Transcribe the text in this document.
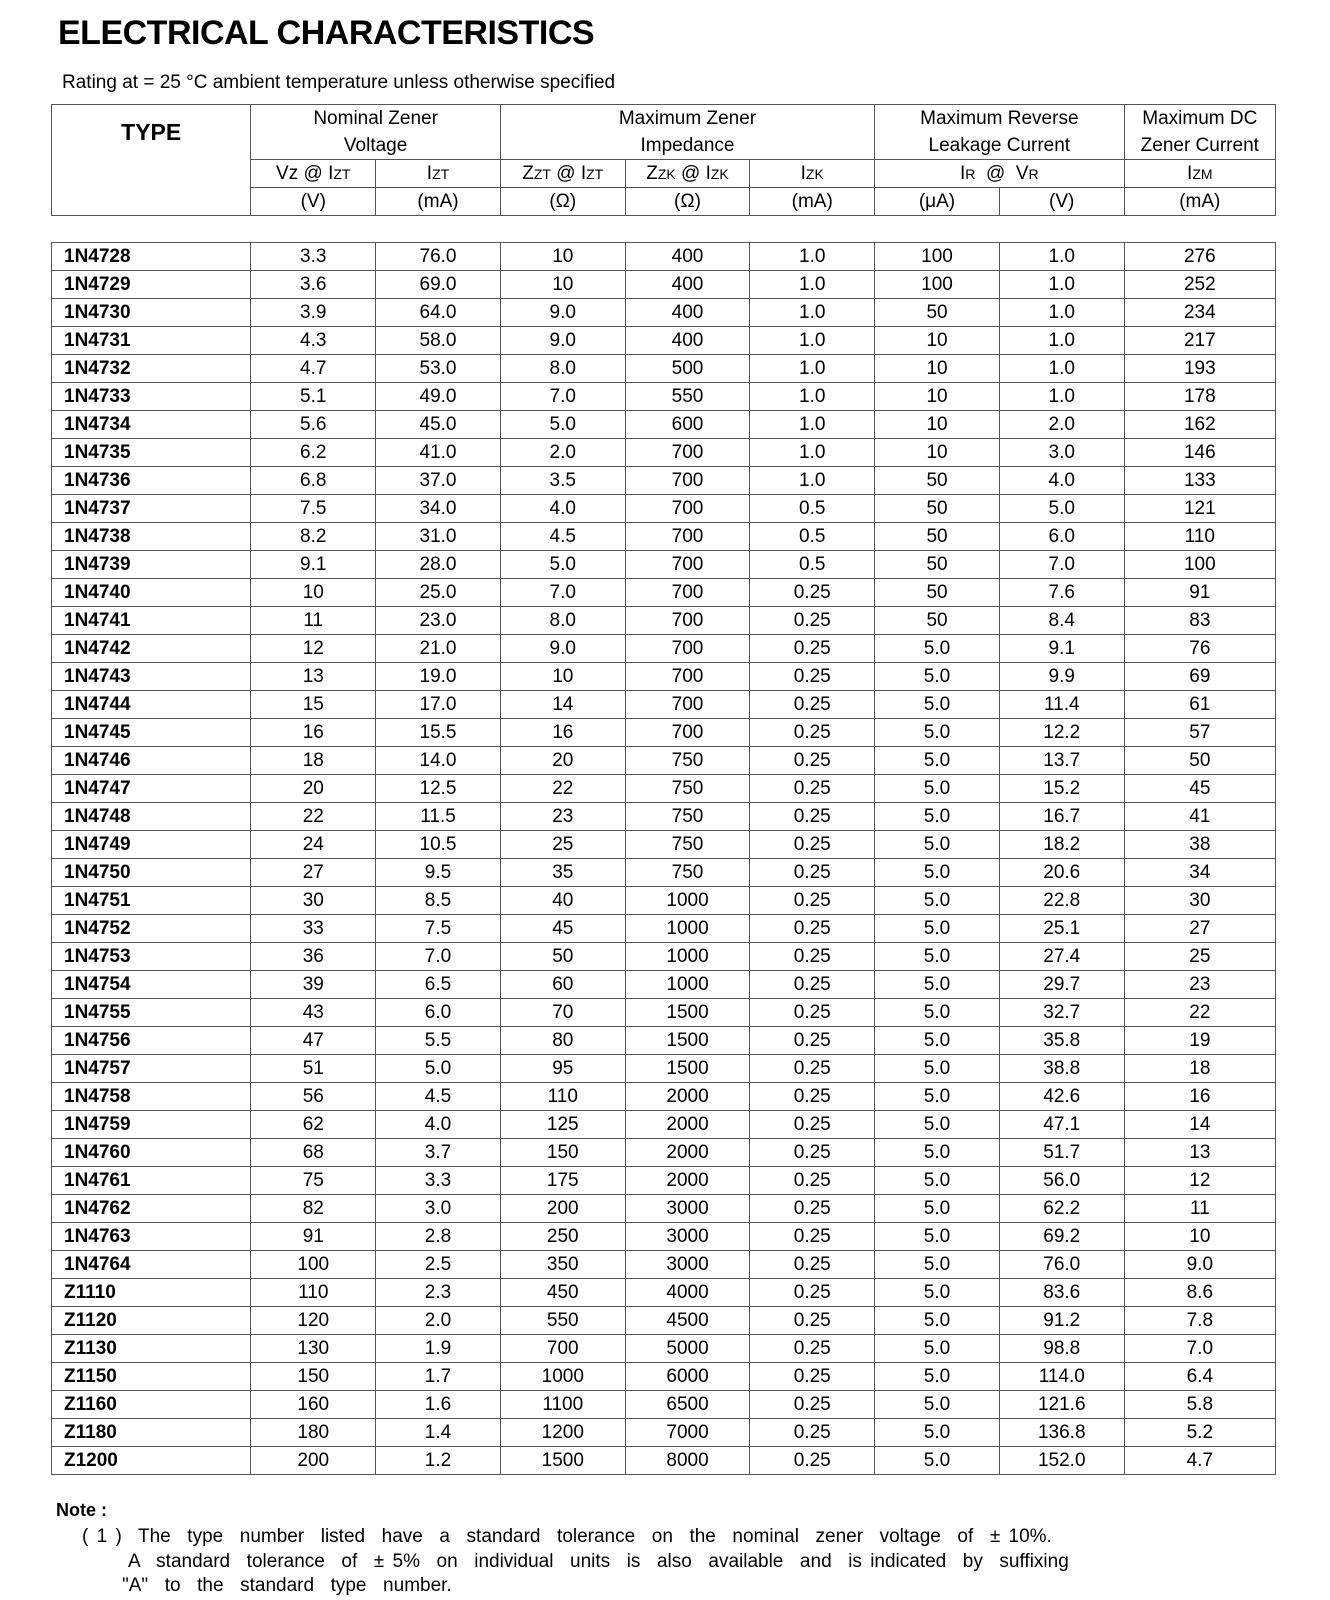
ELECTRICAL CHARACTERISTICS
Rating at = 25 °C ambient temperature unless otherwise specified
TYPE	Nominal Zener		Maximum Zener			Maximum Reverse		Maximum DC
	Voltage		Impedance			Leakage Current		Zener Current
	Vz @ IZT	IZT	ZZT @ IZT	ZZK @ IZK	IZK	IR  @  VR		IZM
	(V)	(mA)	(Ω)	(Ω)	(mA)	(μA)	(V)	(mA)
1N4728	3.3	76.0	10	400	1.0	100	1.0	276
1N4729	3.6	69.0	10	400	1.0	100	1.0	252
1N4730	3.9	64.0	9.0	400	1.0	50	1.0	234
1N4731	4.3	58.0	9.0	400	1.0	10	1.0	217
1N4732	4.7	53.0	8.0	500	1.0	10	1.0	193
1N4733	5.1	49.0	7.0	550	1.0	10	1.0	178
1N4734	5.6	45.0	5.0	600	1.0	10	2.0	162
1N4735	6.2	41.0	2.0	700	1.0	10	3.0	146
1N4736	6.8	37.0	3.5	700	1.0	50	4.0	133
1N4737	7.5	34.0	4.0	700	0.5	50	5.0	121
1N4738	8.2	31.0	4.5	700	0.5	50	6.0	110
1N4739	9.1	28.0	5.0	700	0.5	50	7.0	100
1N4740	10	25.0	7.0	700	0.25	50	7.6	91
1N4741	11	23.0	8.0	700	0.25	50	8.4	83
1N4742	12	21.0	9.0	700	0.25	5.0	9.1	76
1N4743	13	19.0	10	700	0.25	5.0	9.9	69
1N4744	15	17.0	14	700	0.25	5.0	11.4	61
1N4745	16	15.5	16	700	0.25	5.0	12.2	57
1N4746	18	14.0	20	750	0.25	5.0	13.7	50
1N4747	20	12.5	22	750	0.25	5.0	15.2	45
1N4748	22	11.5	23	750	0.25	5.0	16.7	41
1N4749	24	10.5	25	750	0.25	5.0	18.2	38
1N4750	27	9.5	35	750	0.25	5.0	20.6	34
1N4751	30	8.5	40	1000	0.25	5.0	22.8	30
1N4752	33	7.5	45	1000	0.25	5.0	25.1	27
1N4753	36	7.0	50	1000	0.25	5.0	27.4	25
1N4754	39	6.5	60	1000	0.25	5.0	29.7	23
1N4755	43	6.0	70	1500	0.25	5.0	32.7	22
1N4756	47	5.5	80	1500	0.25	5.0	35.8	19
1N4757	51	5.0	95	1500	0.25	5.0	38.8	18
1N4758	56	4.5	110	2000	0.25	5.0	42.6	16
1N4759	62	4.0	125	2000	0.25	5.0	47.1	14
1N4760	68	3.7	150	2000	0.25	5.0	51.7	13
1N4761	75	3.3	175	2000	0.25	5.0	56.0	12
1N4762	82	3.0	200	3000	0.25	5.0	62.2	11
1N4763	91	2.8	250	3000	0.25	5.0	69.2	10
1N4764	100	2.5	350	3000	0.25	5.0	76.0	9.0
Z1110	110	2.3	450	4000	0.25	5.0	83.6	8.6
Z1120	120	2.0	550	4500	0.25	5.0	91.2	7.8
Z1130	130	1.9	700	5000	0.25	5.0	98.8	7.0
Z1150	150	1.7	1000	6000	0.25	5.0	114.0	6.4
Z1160	160	1.6	1100	6500	0.25	5.0	121.6	5.8
Z1180	180	1.4	1200	7000	0.25	5.0	136.8	5.2
Z1200	200	1.2	1500	8000	0.25	5.0	152.0	4.7
Note :
( 1 )  The  type  number  listed  have  a  standard  tolerance  on  the  nominal  zener  voltage  of  ± 10%.
A  standard  tolerance  of  ± 5%  on  individual  units  is  also  available  and  is indicated  by  suffixing
"A"  to  the  standard  type  number.
